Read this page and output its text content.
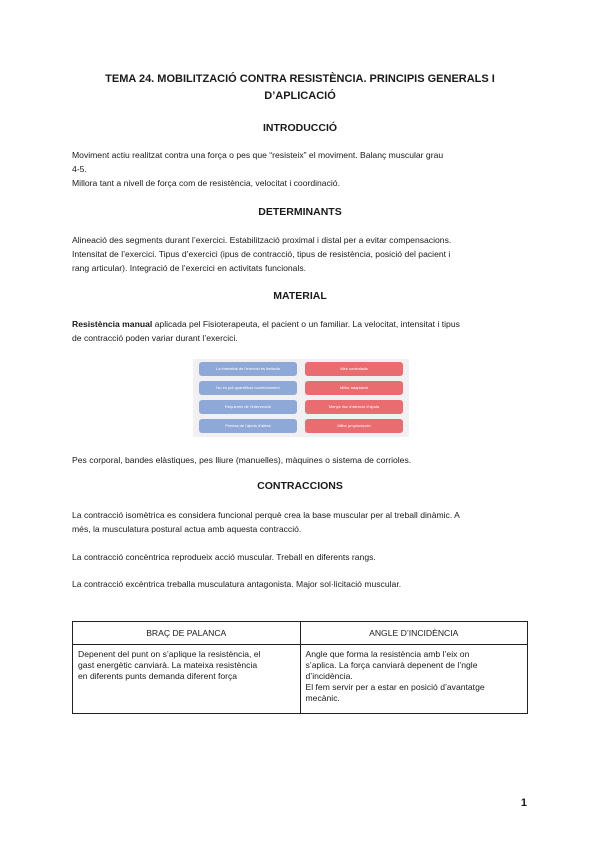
TEMA 24. MOBILITZACIÓ CONTRA RESISTÈNCIA. PRINCIPIS GENERALS I
D’APLICACIÓ
INTRODUCCIÓ
Moviment actiu realitzat contra una força o pes que “resisteix” el moviment. Balanç muscular grau
4-5.
Millora tant a nivell de força com de resistència, velocitat i coordinació.
DETERMINANTS
Alineació des segments durant l’exercici. Estabilització proximal i distal per a evitar compensacions.
Intensitat de l’exercici. Tipus d’exercici (ipus de contracció, tipus de resistència, posició del pacient i
rang articular). Integració de l’exercici en activitats funcionals.
MATERIAL
Resistència manual aplicada pel Fisioterapeuta, el pacient o un familiar. La velocitat, intensitat i tipus
de contracció poden variar durant l’exercici.
La intensitat de l’exercici és limitada
No es pot quantificar numèricament
Requereix de l’intervenció
Precisa de l’ajuda d’altres
Més controlada
Millor adaptació
Menys risc d’atenció d’ajuda
Millor propiocepció
Pes corporal, bandes elàstiques, pes lliure (manuelles), màquines o sistema de corrioles.
CONTRACCIONS
La contracció isomètrica es considera funcional perquè crea la base muscular per al treball dinàmic. A
més, la musculatura postural actua amb aquesta contracció.
La contracció concèntrica reprodueix acció muscular. Treball en diferents rangs.
La contracció excèntrica treballa musculatura antagonista. Major sol·licitació muscular.
BRAÇ DE PALANCA	ANGLE D’INCIDÈNCIA

Depenent del punt on s’aplique la resistència, el
gast energètic canviarà. La mateixa resistència
en diferents punts demanda diferent força	Angle que forma la resistència amb l’eix on
s’aplica. La força canviarà depenent de l’ngle
d’incidència.
El fem servir per a estar en posició d’avantatge
mecànic.
1
